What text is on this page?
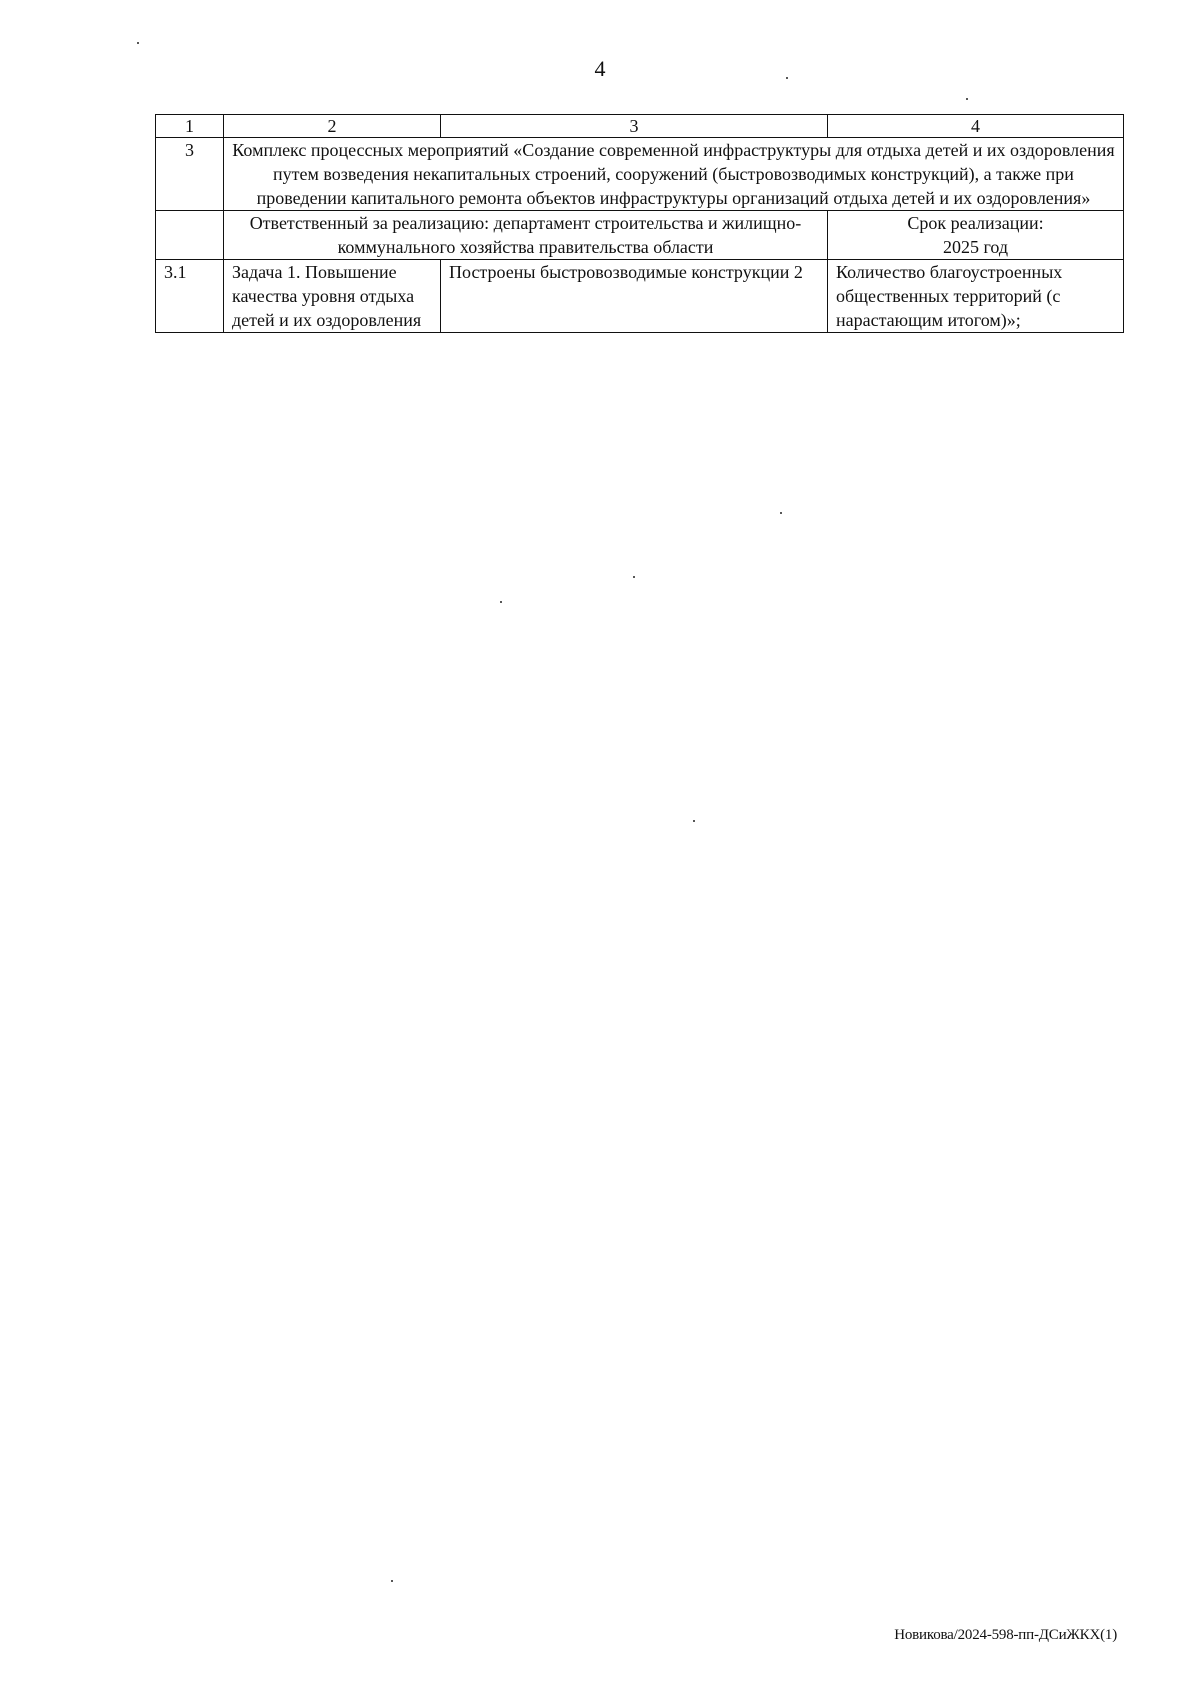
4
1	2	3	4
3	Комплекс процессных мероприятий «Создание современной инфраструктуры для отдыха детей и их оздоровления путем возведения некапитальных строений, сооружений (быстровозводимых конструкций), а также при проведении капитального ремонта объектов инфраструктуры организаций отдыха детей и их оздоровления»		
	Ответственный за реализацию: департамент строительства и жилищно-коммунального хозяйства правительства области		Срок реализации:
2025 год

3.1	Задача 1. Повышение качества уровня отдыха детей и их оздоровления	Построены быстровозводимые конструкции 2	Количество благоустроенных общественных территорий (с нарастающим итогом)»;
Новикова/2024-598-пп-ДСиЖКХ(1)
